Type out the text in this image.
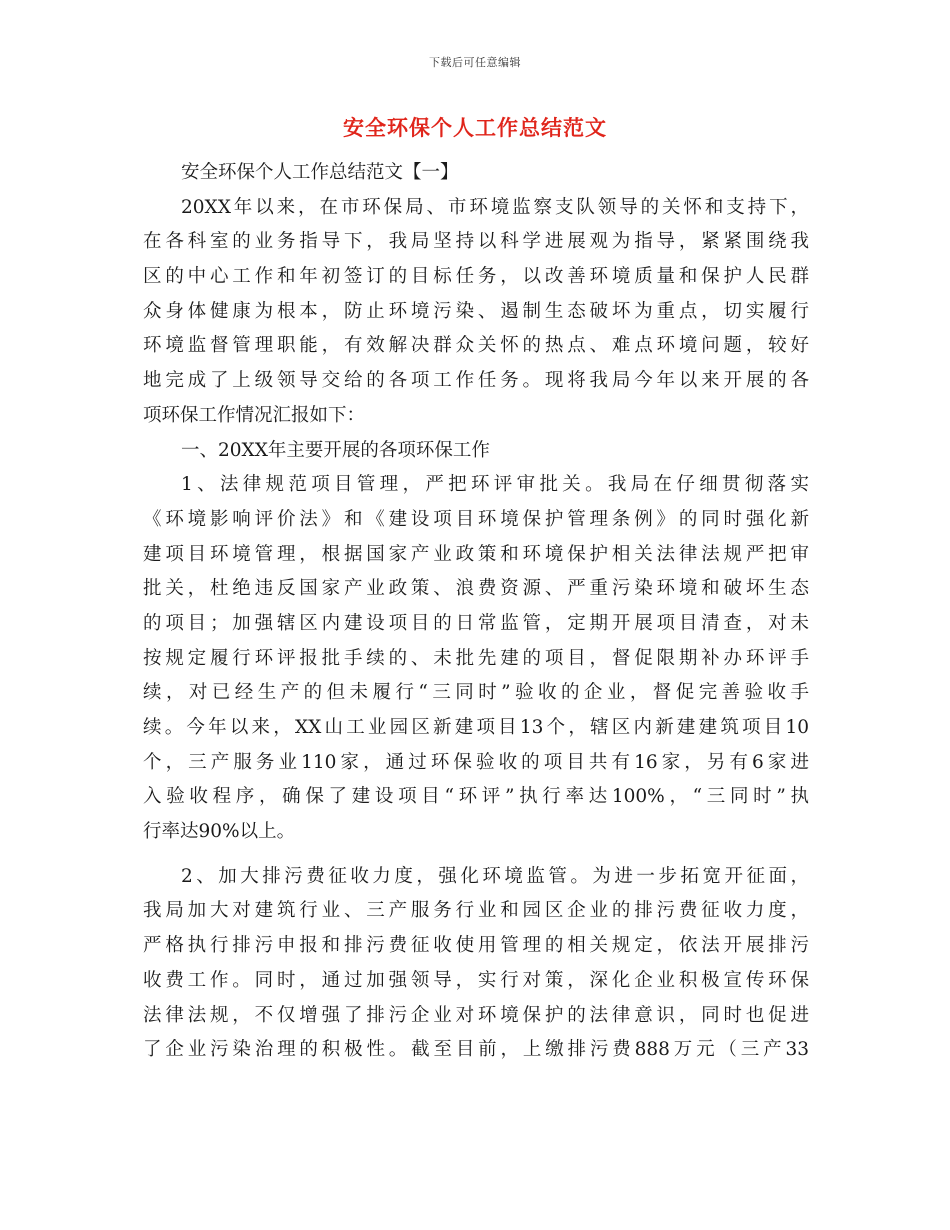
下载后可任意编辑
安全环保个人工作总结范文
安全环保个人工作总结范文【一】
20XX年以来，在市环保局、市环境监察支队领导的关怀和支持下，
在各科室的业务指导下，我局坚持以科学进展观为指导，紧紧围绕我
区的中心工作和年初签订的目标任务，以改善环境质量和保护人民群
众身体健康为根本，防止环境污染、遏制生态破坏为重点，切实履行
环境监督管理职能，有效解决群众关怀的热点、难点环境问题，较好
地完成了上级领导交给的各项工作任务。现将我局今年以来开展的各
项环保工作情况汇报如下：
一、20XX年主要开展的各项环保工作
1、法律规范项目管理，严把环评审批关。我局在仔细贯彻落实
《环境影响评价法》和《建设项目环境保护管理条例》的同时强化新
建项目环境管理，根据国家产业政策和环境保护相关法律法规严把审
批关，杜绝违反国家产业政策、浪费资源、严重污染环境和破坏生态
的项目；加强辖区内建设项目的日常监管，定期开展项目清查，对未
按规定履行环评报批手续的、未批先建的项目，督促限期补办环评手
续，对已经生产的但未履行“三同时”验收的企业，督促完善验收手
续。今年以来，XX山工业园区新建项目13个，辖区内新建建筑项目10
个，三产服务业110家，通过环保验收的项目共有16家，另有6家进
入验收程序，确保了建设项目“环评”执行率达100%，“三同时”执
行率达90%以上。
2、加大排污费征收力度，强化环境监管。为进一步拓宽开征面，
我局加大对建筑行业、三产服务行业和园区企业的排污费征收力度，
严格执行排污申报和排污费征收使用管理的相关规定，依法开展排污
收费工作。同时，通过加强领导，实行对策，深化企业积极宣传环保
法律法规，不仅增强了排污企业对环境保护的法律意识，同时也促进
了企业污染治理的积极性。截至目前，上缴排污费888万元（三产33
